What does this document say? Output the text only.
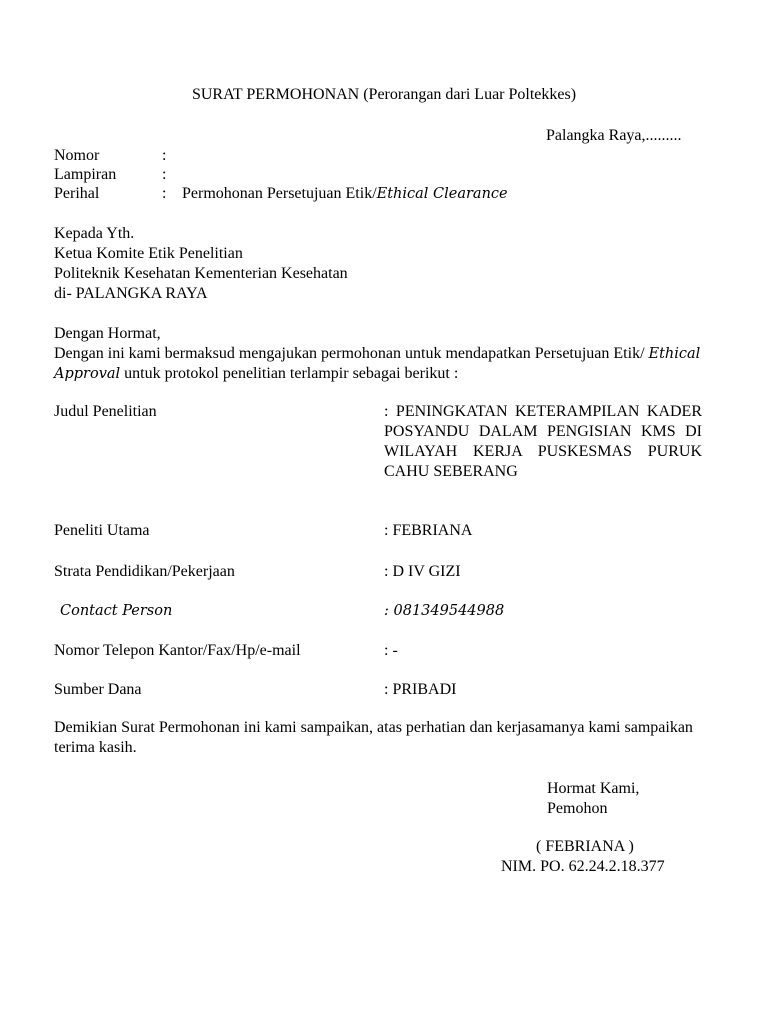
SURAT PERMOHONAN (Perorangan dari Luar Poltekkes)
Palangka Raya,.........
Nomor	:
Lampiran	:
Perihal	: Permohonan Persetujuan Etik/Ethical Clearance
Kepada Yth.
Ketua Komite Etik Penelitian
Politeknik Kesehatan Kementerian Kesehatan
di- PALANGKA RAYA
Dengan Hormat,
Dengan ini kami bermaksud mengajukan permohonan untuk mendapatkan Persetujuan Etik/ Ethical Approval untuk protokol penelitian terlampir sebagai berikut :
Judul Penelitian	: PENINGKATAN KETERAMPILAN KADER POSYANDU DALAM PENGISIAN KMS DI WILAYAH KERJA PUSKESMAS PURUK CAHU SEBERANG
Peneliti Utama	: FEBRIANA
Strata Pendidikan/Pekerjaan	: D IV GIZI
Contact Person	: 081349544988
Nomor Telepon Kantor/Fax/Hp/e-mail	: -
Sumber Dana	: PRIBADI
Demikian Surat Permohonan ini kami sampaikan, atas perhatian dan kerjasamanya kami sampaikan terima kasih.
Hormat Kami,
Pemohon
( FEBRIANA )
NIM. PO. 62.24.2.18.377
